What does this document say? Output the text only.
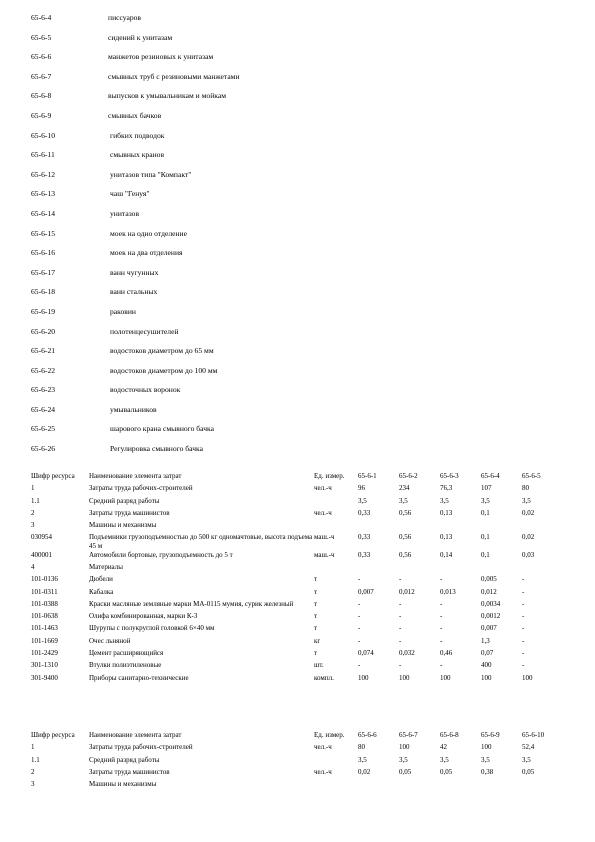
65-6-4	писсуаров
65-6-5	сидений к унитазам
65-6-6	манжетов резиновых к унитазам
65-6-7	смывных труб с резиновыми манжетами
65-6-8	выпусков к умывальникам и мойкам
65-6-9	смывных бачков
65-6-10	гибких подводок
65-6-11	смывных кранов
65-6-12	унитазов типа "Компакт"
65-6-13	чаш "Генуя"
65-6-14	унитазов
65-6-15	моек на одно отделение
65-6-16	моек на два отделения
65-6-17	ванн чугунных
65-6-18	ванн стальных
65-6-19	раковин
65-6-20	полотенцесушителей
65-6-21	водостоков диаметром до 65 мм
65-6-22	водостоков диаметром до 100 мм
65-6-23	водосточных воронок
65-6-24	умывальников
65-6-25	шарового крана смывного бачка
65-6-26	Регулировка смывного бачка
Шифр ресурса	Наименование элемента затрат	Ед. измер.	65-6-1	65-6-2	65-6-3	65-6-4	65-6-5
1	Затраты труда рабочих-строителей	чел.-ч	96	234	76,3	107	80
1.1	Средний разряд работы		3,5	3,5	3,5	3,5	3,5
2	Затраты труда машинистов	чел.-ч	0,33	0,56	0,13	0,1	0,02
3	Машины и механизмы						
030954	Подъемники грузоподъемностью до 500 кг одномачтовые, высота подъема 45 м	маш.-ч	0,33	0,56	0,13	0,1	0,02
400001	Автомобили бортовые, грузоподъемность до 5 т	маш.-ч	0,33	0,56	0,14	0,1	0,03
4	Материалы						
101-0136	Дюбели	т	-	-	-	0,005	-
101-0311	Кабалка	т	0,007	0,012	0,013	0,012	-
101-0388	Краски масляные земляные марки МА-0115 мумия, сурик железный	т	-	-	-	0,0034	-
101-0638	Олифа комбинированная, марки К-3	т	-	-	-	0,0012	-
101-1463	Шурупы с полукруглой головкой 6×40 мм	т	-	-	-	0,007	-
101-1669	Очес льняной	кг	-	-	-	1,3	-
101-2429	Цемент расширяющийся	т	0,074	0,032	0,46	0,07	-
301-1310	Втулки полиэтиленовые	шт.	-	-	-	400	-
301-9400	Приборы санитарно-технические	компл.	100	100	100	100	100
Шифр ресурса	Наименование элемента затрат	Ед. измер.	65-6-6	65-6-7	65-6-8	65-6-9	65-6-10
1	Затраты труда рабочих-строителей	чел.-ч	80	100	42	100	52,4
1.1	Средний разряд работы		3,5	3,5	3,5	3,5	3,5
2	Затраты труда машинистов	чел.-ч	0,02	0,05	0,05	0,38	0,05
3	Машины и механизмы						
